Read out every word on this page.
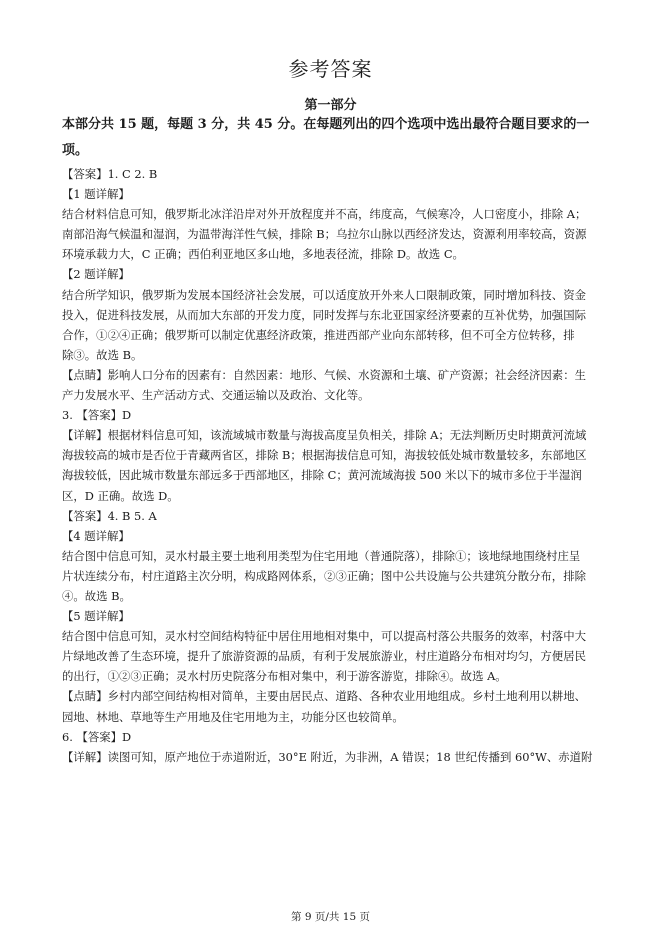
参考答案
第一部分
本部分共 15 题，每题 3 分，共 45 分。在每题列出的四个选项中选出最符合题目要求的一
项。
【答案】1. C 2. B
【1 题详解】
结合材料信息可知，俄罗斯北冰洋沿岸对外开放程度并不高，纬度高，气候寒冷，人口密度小，排除 A；
南部沿海气候温和湿润，为温带海洋性气候，排除 B；乌拉尔山脉以西经济发达，资源利用率较高，资源
环境承载力大，C 正确；西伯利亚地区多山地，多地表径流，排除 D。故选 C。
【2 题详解】
结合所学知识，俄罗斯为发展本国经济社会发展，可以适度放开外来人口限制政策，同时增加科技、资金
投入，促进科技发展，从而加大东部的开发力度，同时发挥与东北亚国家经济要素的互补优势，加强国际
合作，①②④正确；俄罗斯可以制定优惠经济政策，推进西部产业向东部转移，但不可全方位转移，排
除③。故选 B。
【点睛】影响人口分布的因素有：自然因素：地形、气候、水资源和土壤、矿产资源；社会经济因素：生
产力发展水平、生产活动方式、交通运输以及政治、文化等。
3. 【答案】D
【详解】根据材料信息可知，该流域城市数量与海拔高度呈负相关，排除 A；无法判断历史时期黄河流域
海拔较高的城市是否位于青藏两省区，排除 B；根据海拔信息可知，海拔较低处城市数量较多，东部地区
海拔较低，因此城市数量东部远多于西部地区，排除 C；黄河流域海拔 500 米以下的城市多位于半湿润
区，D 正确。故选 D。
【答案】4. B 5. A
【4 题详解】
结合图中信息可知，灵水村最主要土地利用类型为住宅用地（普通院落），排除①；该地绿地围绕村庄呈
片状连续分布，村庄道路主次分明，构成路网体系，②③正确；图中公共设施与公共建筑分散分布，排除
④。故选 B。
【5 题详解】
结合图中信息可知，灵水村空间结构特征中居住用地相对集中，可以提高村落公共服务的效率，村落中大
片绿地改善了生态环境，提升了旅游资源的品质，有利于发展旅游业，村庄道路分布相对均匀，方便居民
的出行，①②③正确；灵水村历史院落分布相对集中，利于游客游览，排除④。故选 A。
【点睛】乡村内部空间结构相对简单，主要由居民点、道路、各种农业用地组成。乡村土地利用以耕地、
园地、林地、草地等生产用地及住宅用地为主，功能分区也较简单。
6. 【答案】D
【详解】读图可知，原产地位于赤道附近，30°E 附近，为非洲，A 错误；18 世纪传播到 60°W、赤道附
第 9 页/共 15 页
